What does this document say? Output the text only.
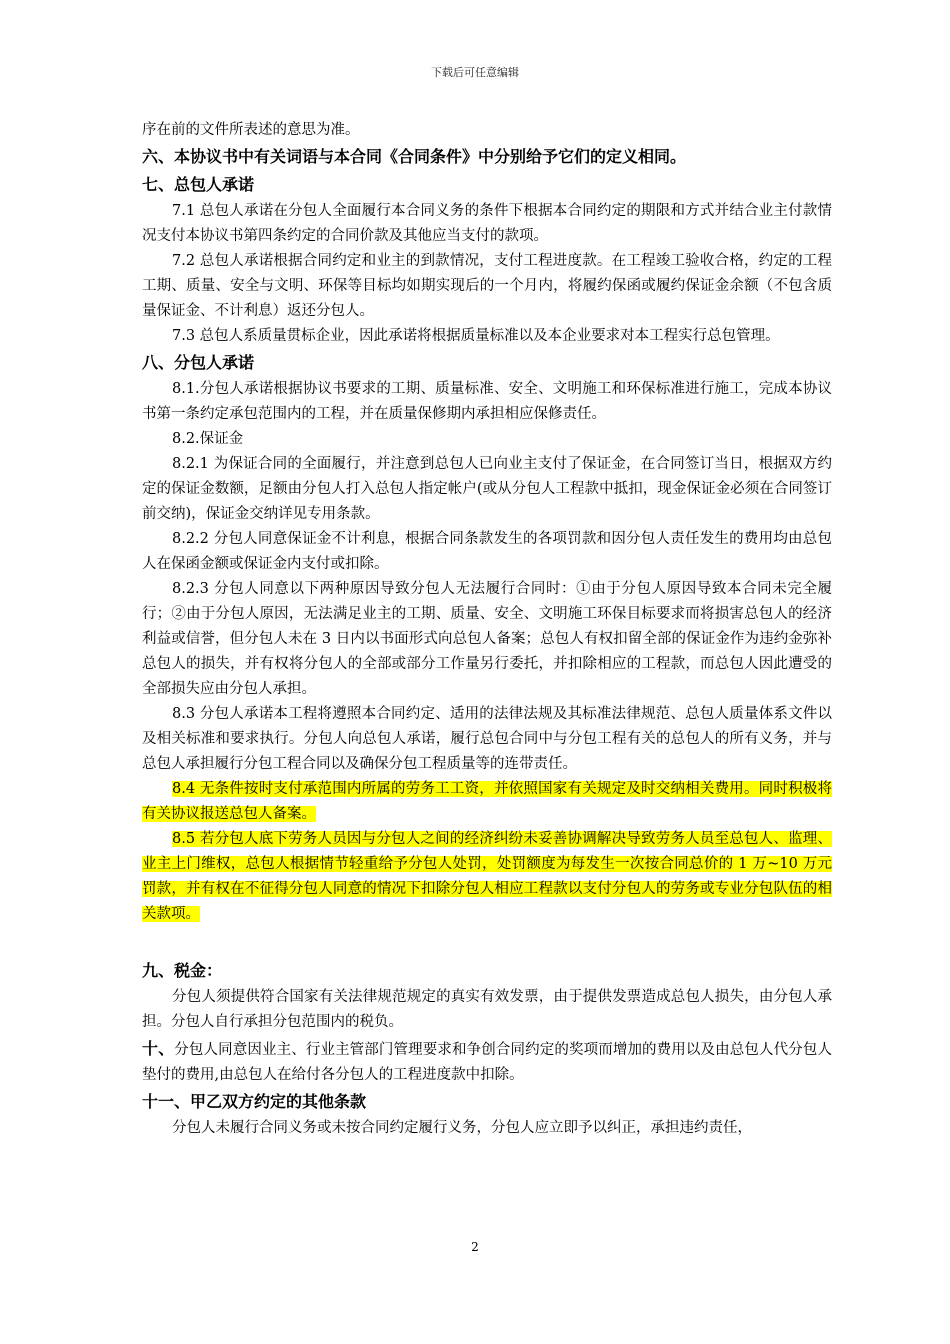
下载后可任意编辑

序在前的文件所表述的意思为准。

六、本协议书中有关词语与本合同《合同条件》中分别给予它们的定义相同。

七、总包人承诺

7.1 总包人承诺在分包人全面履行本合同义务的条件下根据本合同约定的期限和方式并结合业主付款情况支付本协议书第四条约定的合同价款及其他应当支付的款项。

7.2 总包人承诺根据合同约定和业主的到款情况，支付工程进度款。在工程竣工验收合格，约定的工程工期、质量、安全与文明、环保等目标均如期实现后的一个月内，将履约保函或履约保证金余额（不包含质量保证金、不计利息）返还分包人。

7.3 总包人系质量贯标企业，因此承诺将根据质量标准以及本企业要求对本工程实行总包管理。

八、分包人承诺

8.1.分包人承诺根据协议书要求的工期、质量标准、安全、文明施工和环保标准进行施工，完成本协议书第一条约定承包范围内的工程，并在质量保修期内承担相应保修责任。

8.2.保证金

8.2.1 为保证合同的全面履行，并注意到总包人已向业主支付了保证金，在合同签订当日，根据双方约定的保证金数额，足额由分包人打入总包人指定帐户(或从分包人工程款中抵扣，现金保证金必须在合同签订前交纳)，保证金交纳详见专用条款。

8.2.2 分包人同意保证金不计利息，根据合同条款发生的各项罚款和因分包人责任发生的费用均由总包人在保函金额或保证金内支付或扣除。

8.2.3 分包人同意以下两种原因导致分包人无法履行合同时：①由于分包人原因导致本合同未完全履行；②由于分包人原因，无法满足业主的工期、质量、安全、文明施工环保目标要求而将损害总包人的经济利益或信誉，但分包人未在 3 日内以书面形式向总包人备案；总包人有权扣留全部的保证金作为违约金弥补总包人的损失，并有权将分包人的全部或部分工作量另行委托，并扣除相应的工程款，而总包人因此遭受的全部损失应由分包人承担。

8.3 分包人承诺本工程将遵照本合同约定、适用的法律法规及其标准法律规范、总包人质量体系文件以及相关标准和要求执行。分包人向总包人承诺，履行总包合同中与分包工程有关的总包人的所有义务，并与总包人承担履行分包工程合同以及确保分包工程质量等的连带责任。

8.4 无条件按时支付承范围内所属的劳务工工资，并依照国家有关规定及时交纳相关费用。同时积极将有关协议报送总包人备案。

8.5 若分包人底下劳务人员因与分包人之间的经济纠纷未妥善协调解决导致劳务人员至总包人、监理、业主上门维权，总包人根据情节轻重给予分包人处罚，处罚额度为每发生一次按合同总价的 1 万~10 万元罚款，并有权在不征得分包人同意的情况下扣除分包人相应工程款以支付分包人的劳务或专业分包队伍的相关款项。

九、税金：

分包人须提供符合国家有关法律规范规定的真实有效发票，由于提供发票造成总包人损失，由分包人承担。分包人自行承担分包范围内的税负。

十、分包人同意因业主、行业主管部门管理要求和争创合同约定的奖项而增加的费用以及由总包人代分包人垫付的费用,由总包人在给付各分包人的工程进度款中扣除。

十一、甲乙双方约定的其他条款

分包人未履行合同义务或未按合同约定履行义务，分包人应立即予以纠正，承担违约责任，

2
